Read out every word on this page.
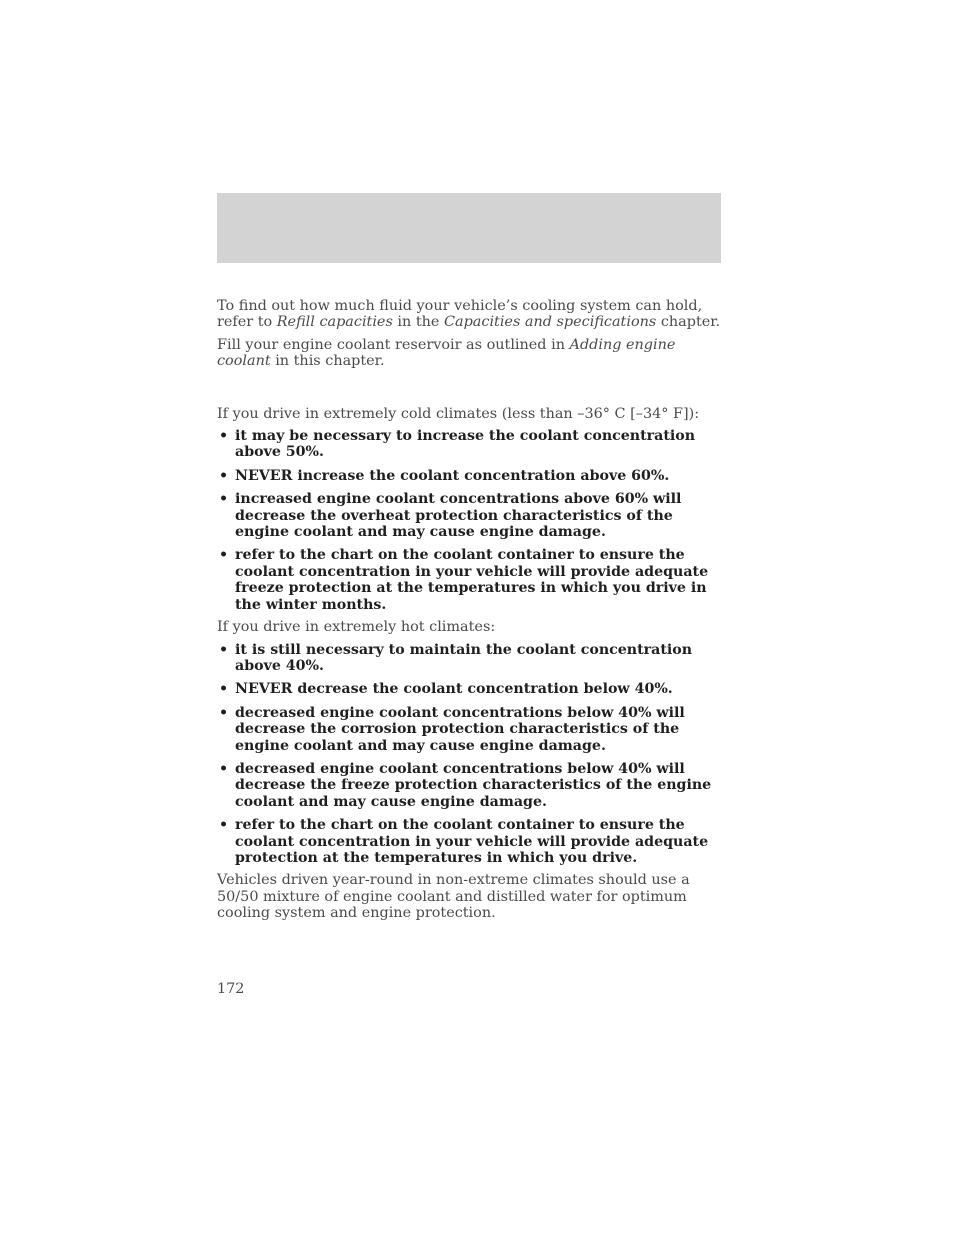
To find out how much fluid your vehicle’s cooling system can hold, refer to Refill capacities in the Capacities and specifications chapter.

Fill your engine coolant reservoir as outlined in Adding engine coolant in this chapter.

If you drive in extremely cold climates (less than –36° C [–34° F]):

• it may be necessary to increase the coolant concentration above 50%.
• NEVER increase the coolant concentration above 60%.
• increased engine coolant concentrations above 60% will decrease the overheat protection characteristics of the engine coolant and may cause engine damage.
• refer to the chart on the coolant container to ensure the coolant concentration in your vehicle will provide adequate freeze protection at the temperatures in which you drive in the winter months.

If you drive in extremely hot climates:

• it is still necessary to maintain the coolant concentration above 40%.
• NEVER decrease the coolant concentration below 40%.
• decreased engine coolant concentrations below 40% will decrease the corrosion protection characteristics of the engine coolant and may cause engine damage.
• decreased engine coolant concentrations below 40% will decrease the freeze protection characteristics of the engine coolant and may cause engine damage.
• refer to the chart on the coolant container to ensure the coolant concentration in your vehicle will provide adequate protection at the temperatures in which you drive.

Vehicles driven year-round in non-extreme climates should use a 50/50 mixture of engine coolant and distilled water for optimum cooling system and engine protection.

172
